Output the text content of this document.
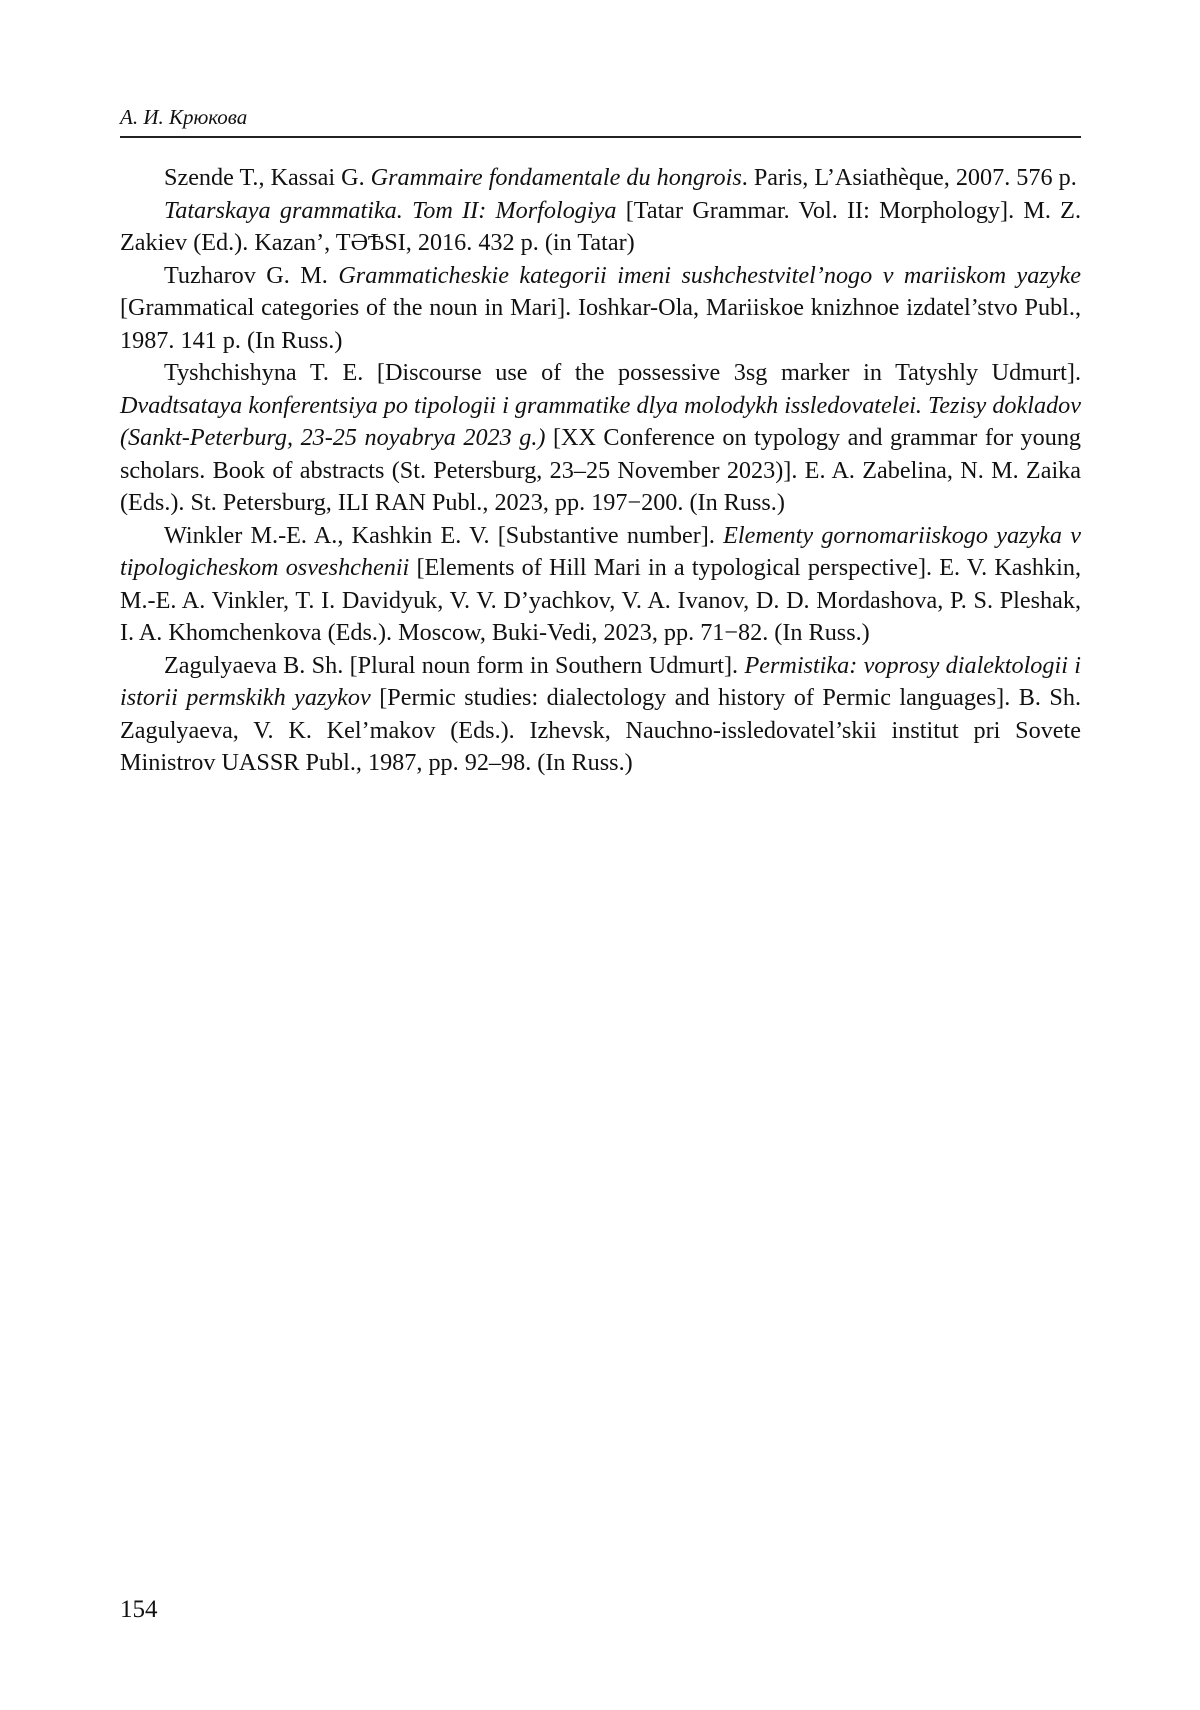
А. И. Крюкова

Szende T., Kassai G. Grammaire fondamentale du hongrois. Paris, L’Asiathèque, 2007. 576 p.

Tatarskaya grammatika. Tom II: Morfologiya [Tatar Grammar. Vol. II: Morphology]. M. Z. Zakiev (Ed.). Kazan’, TӘѢSI, 2016. 432 p. (in Tatar)

Tuzharov G. M. Grammaticheskie kategorii imeni sushchestvitel’nogo v mariiskom yazyke [Grammatical categories of the noun in Mari]. Ioshkar-Ola, Mariiskoe knizhnoe izdatel’stvo Publ., 1987. 141 p. (In Russ.)

Tyshchishyna T. E. [Discourse use of the possessive 3sg marker in Tatyshly Udmurt]. Dvadtsataya konferentsiya po tipologii i grammatike dlya molodykh issledovatelei. Tezisy dokladov (Sankt-Peterburg, 23-25 noyabrya 2023 g.) [XX Conference on typology and grammar for young scholars. Book of abstracts (St. Petersburg, 23–25 November 2023)]. E. A. Zabelina, N. M. Zaika (Eds.). St. Petersburg, ILI RAN Publ., 2023, pp. 197−200. (In Russ.)

Winkler M.-E. A., Kashkin E. V. [Substantive number]. Elementy gornomariiskogo yazyka v tipologicheskom osveshchenii [Elements of Hill Mari in a typological perspective]. E. V. Kashkin, M.-E. A. Vinkler, T. I. Davidyuk, V. V. D’yachkov, V. A. Ivanov, D. D. Mordashova, P. S. Pleshak, I. A. Khomchenkova (Eds.). Moscow, Buki-Vedi, 2023, pp. 71−82. (In Russ.)

Zagulyaeva B. Sh. [Plural noun form in Southern Udmurt]. Permistika: voprosy dialektologii i istorii permskikh yazykov [Permic studies: dialectology and history of Permic languages]. B. Sh. Zagulyaeva, V. K. Kel’makov (Eds.). Izhevsk, Nauchno-issledovatel’skii institut pri Sovete Ministrov UASSR Publ., 1987, pp. 92–98. (In Russ.)

154
